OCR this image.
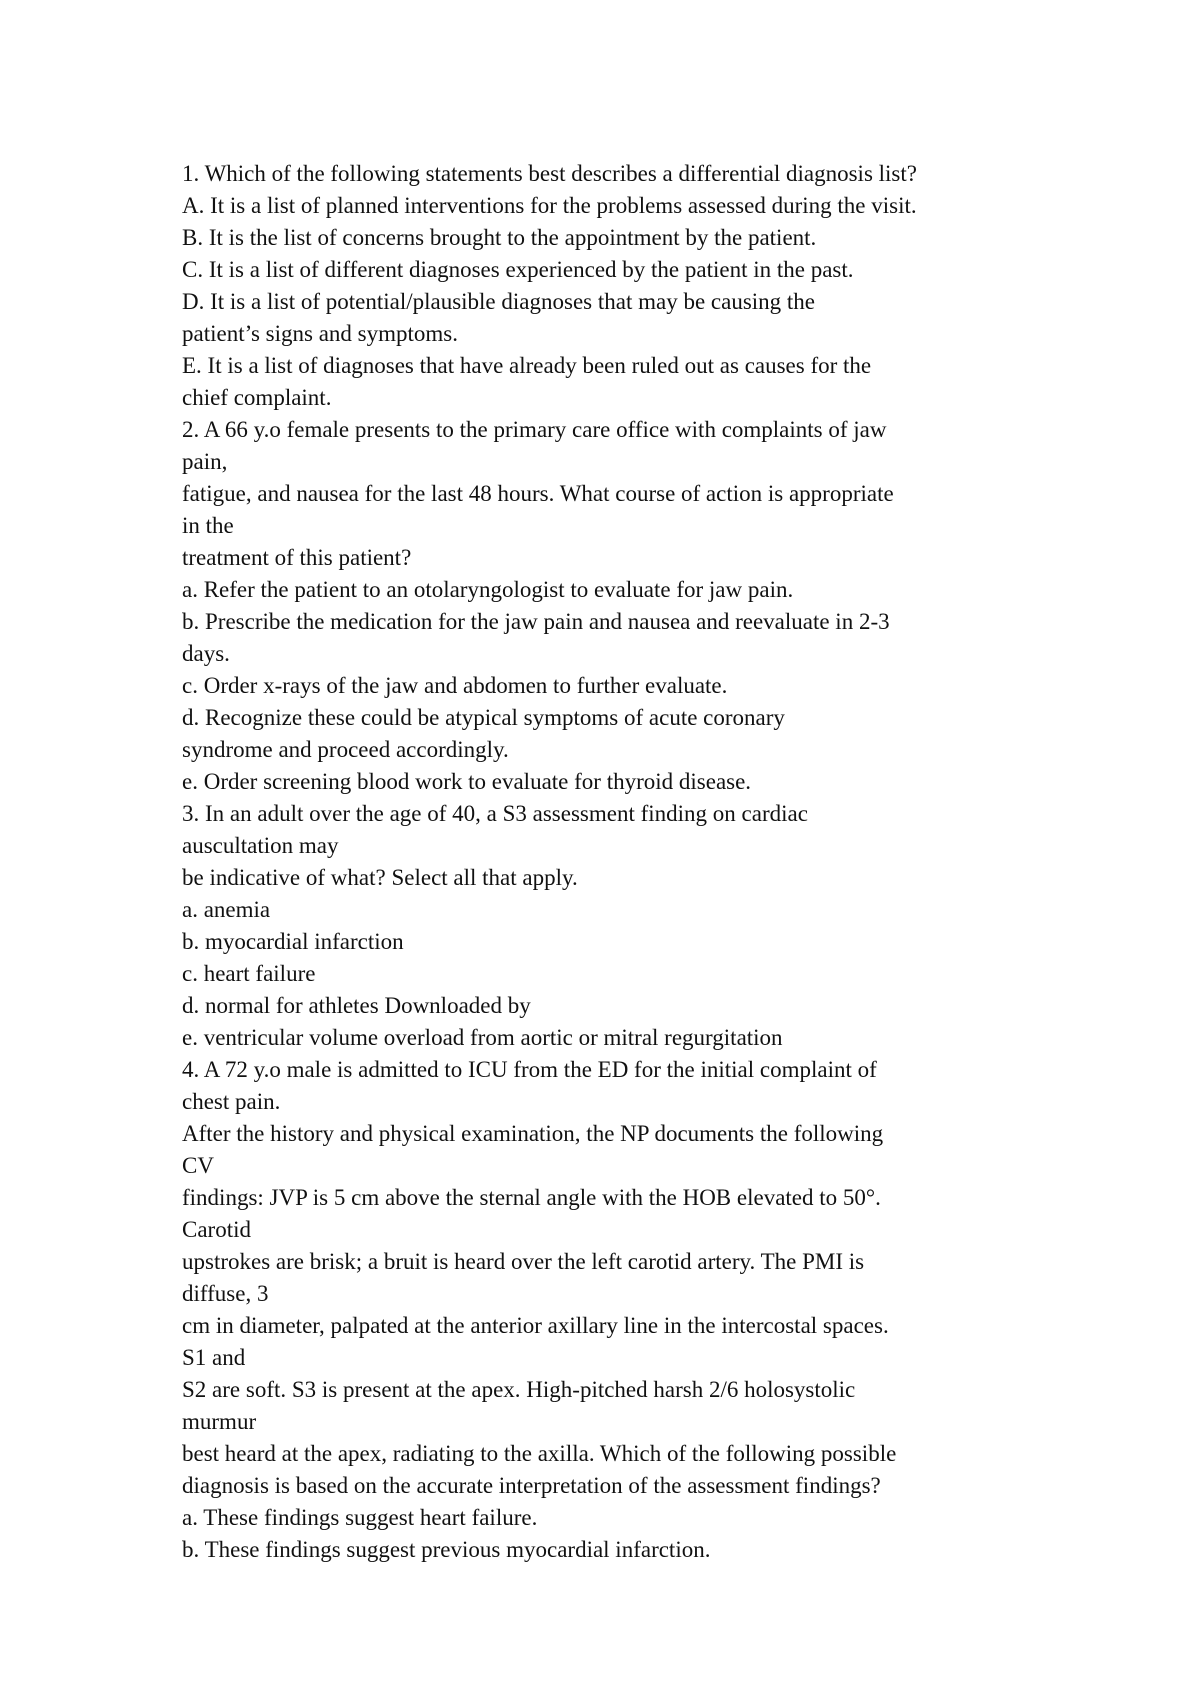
1. Which of the following statements best describes a differential diagnosis list?
A. It is a list of planned interventions for the problems assessed during the visit.
B. It is the list of concerns brought to the appointment by the patient.
C. It is a list of different diagnoses experienced by the patient in the past.
D. It is a list of potential/plausible diagnoses that may be causing the
patient’s signs and symptoms.
E. It is a list of diagnoses that have already been ruled out as causes for the
chief complaint.
2. A 66 y.o female presents to the primary care office with complaints of jaw
pain,
fatigue, and nausea for the last 48 hours. What course of action is appropriate
in the
treatment of this patient?
a. Refer the patient to an otolaryngologist to evaluate for jaw pain.
b. Prescribe the medication for the jaw pain and nausea and reevaluate in 2-3
days.
c. Order x-rays of the jaw and abdomen to further evaluate.
d. Recognize these could be atypical symptoms of acute coronary
syndrome and proceed accordingly.
e. Order screening blood work to evaluate for thyroid disease.
3. In an adult over the age of 40, a S3 assessment finding on cardiac
auscultation may
be indicative of what? Select all that apply.
a. anemia
b. myocardial infarction
c. heart failure
d. normal for athletes Downloaded by
e. ventricular volume overload from aortic or mitral regurgitation
4. A 72 y.o male is admitted to ICU from the ED for the initial complaint of
chest pain.
After the history and physical examination, the NP documents the following
CV
findings: JVP is 5 cm above the sternal angle with the HOB elevated to 50°.
Carotid
upstrokes are brisk; a bruit is heard over the left carotid artery. The PMI is
diffuse, 3
cm in diameter, palpated at the anterior axillary line in the intercostal spaces.
S1 and
S2 are soft. S3 is present at the apex. High-pitched harsh 2/6 holosystolic
murmur
best heard at the apex, radiating to the axilla. Which of the following possible
diagnosis is based on the accurate interpretation of the assessment findings?
a. These findings suggest heart failure.
b. These findings suggest previous myocardial infarction.
